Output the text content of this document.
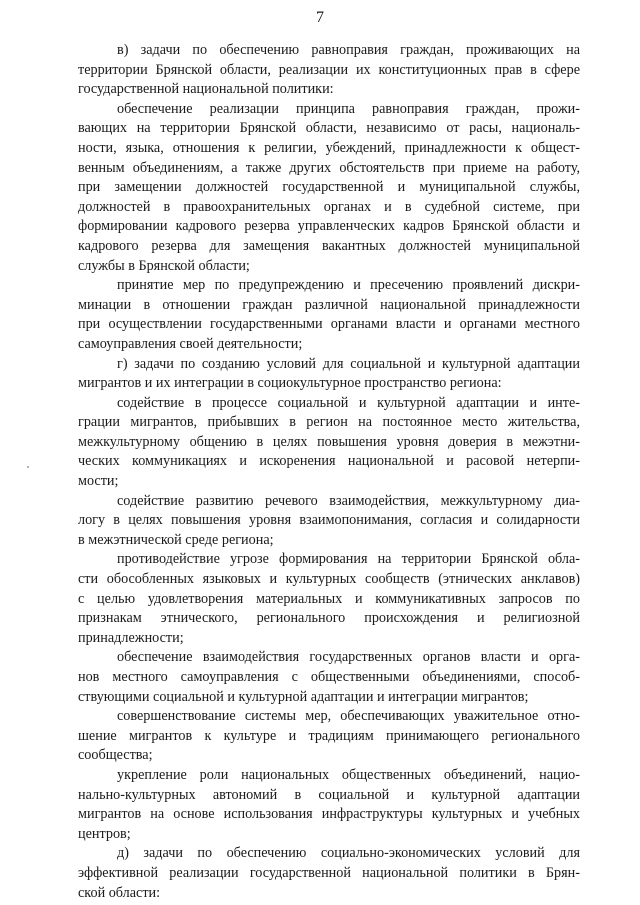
7
в) задачи по обеспечению равноправия граждан, проживающих на
территории Брянской области, реализации их конституционных прав в сфере
государственной национальной политики:
обеспечение реализации принципа равноправия граждан, прожи-
вающих на территории Брянской области, независимо от расы, националь-
ности, языка, отношения к религии, убеждений, принадлежности к общест-
венным объединениям, а также других обстоятельств при приеме на работу,
при замещении должностей государственной и муниципальной службы,
должностей в правоохранительных органах и в судебной системе, при
формировании кадрового резерва управленческих кадров Брянской области и
кадрового резерва для замещения вакантных должностей муниципальной
службы в Брянской области;
принятие мер по предупреждению и пресечению проявлений дискри-
минации в отношении граждан различной национальной принадлежности
при осуществлении государственными органами власти и органами местного
самоуправления своей деятельности;
г) задачи по созданию условий для социальной и культурной адаптации
мигрантов и их интеграции в социокультурное пространство региона:
содействие в процессе социальной и культурной адаптации и инте-
грации мигрантов, прибывших в регион на постоянное место жительства,
межкультурному общению в целях повышения уровня доверия в межэтни-
ческих коммуникациях и искоренения национальной и расовой нетерпи-
мости;
содействие развитию речевого взаимодействия, межкультурному диа-
логу в целях повышения уровня взаимопонимания, согласия и солидарности
в межэтнической среде региона;
противодействие угрозе формирования на территории Брянской обла-
сти обособленных языковых и культурных сообществ (этнических анклавов)
с целью удовлетворения материальных и коммуникативных запросов по
признакам этнического, регионального происхождения и религиозной
принадлежности;
обеспечение взаимодействия государственных органов власти и орга-
нов местного самоуправления с общественными объединениями, способ-
ствующими социальной и культурной адаптации и интеграции мигрантов;
совершенствование системы мер, обеспечивающих уважительное отно-
шение мигрантов к культуре и традициям принимающего регионального
сообщества;
укрепление роли национальных общественных объединений, нацио-
нально-культурных автономий в социальной и культурной адаптации
мигрантов на основе использования инфраструктуры культурных и учебных
центров;
д) задачи по обеспечению социально-экономических условий для
эффективной реализации государственной национальной политики в Брян-
ской области:
